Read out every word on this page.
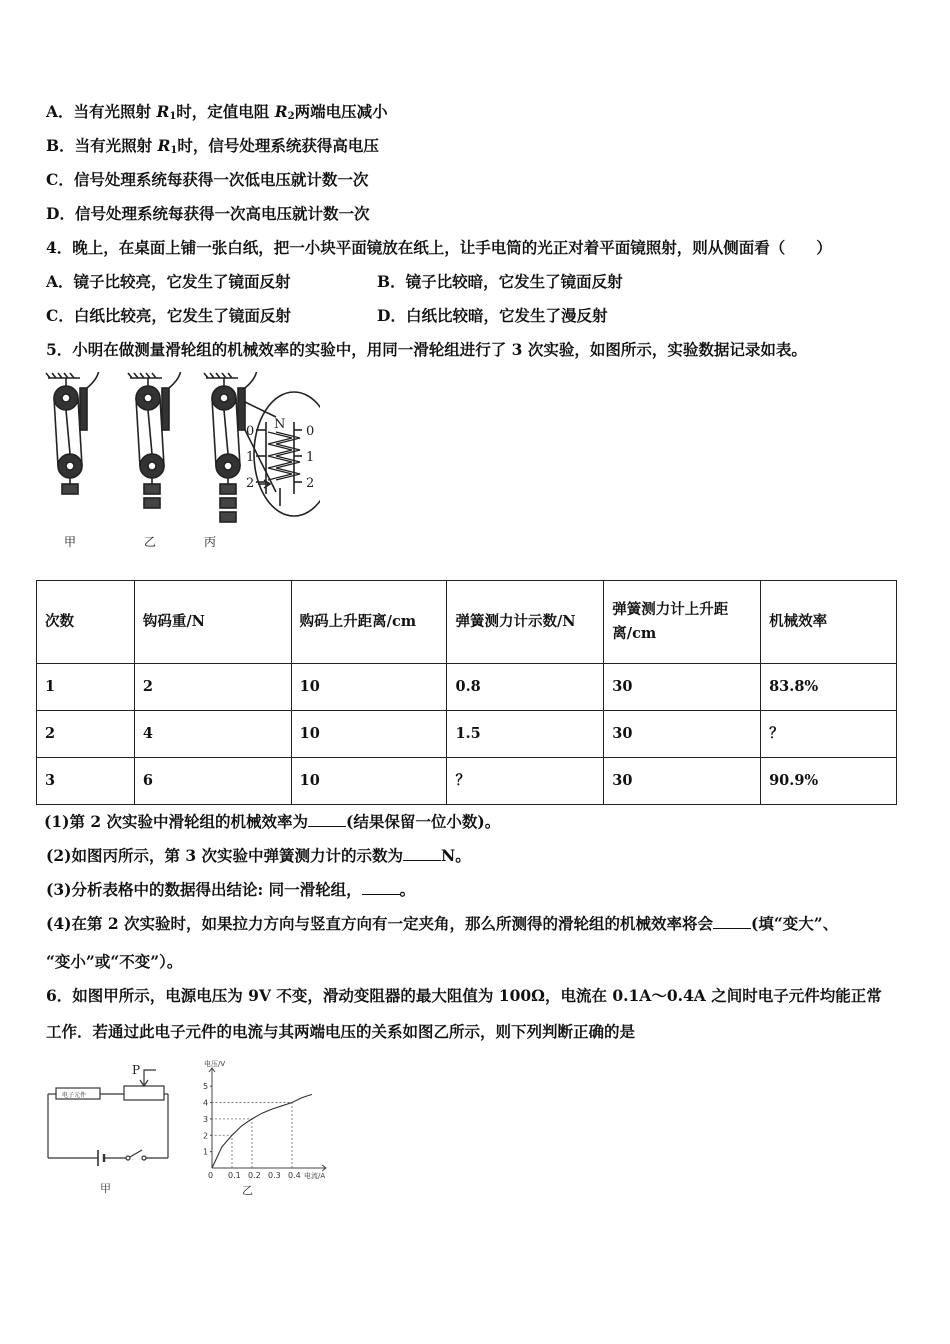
A．当有光照射 $R_1$时，定值电阻 $R_2$两端电压减小
B．当有光照射 $R_1$时，信号处理系统获得高电压
C．信号处理系统每获得一次低电压就计数一次
D．信号处理系统每获得一次高电压就计数一次
4．晚上，在桌面上铺一张白纸，把一小块平面镜放在纸上，让手电筒的光正对着平面镜照射，则从侧面看（　　）
A．镜子比较亮，它发生了镜面反射	B．镜子比较暗，它发生了镜面反射
C．白纸比较亮，它发生了镜面反射	D．白纸比较暗，它发生了漫反射
5．小明在做测量滑轮组的机械效率的实验中，用同一滑轮组进行了 3 次实验，如图所示，实验数据记录如表。
N
0
1
2
0
1
2
甲	乙	丙
次数	钩码重/N	购码上升距离/cm	弹簧测力计示数/N	弹簧测力计上升距离/cm	机械效率
1	2	10	0.8	30	83.8%
2	4	10	1.5	30	？
3	6	10	？	30	90.9%
(1)第 2 次实验中滑轮组的机械效率为 (结果保留一位小数)。
(2)如图丙所示，第 3 次实验中弹簧测力计的示数为 N。
(3)分析表格中的数据得出结论: 同一滑轮组， 。
(4)在第 2 次实验时，如果拉力方向与竖直方向有一定夹角，那么所测得的滑轮组的机械效率将会 (填“变大”、
“变小”或“不变”）。
6．如图甲所示，电源电压为 9V 不变，滑动变阻器的最大阻值为 100Ω，电流在 0.1A～0.4A 之间时电子元件均能正常
工作．若通过此电子元件的电流与其两端电压的关系如图乙所示，则下列判断正确的是
电子元件
P
甲
0 0.1 0.2 0.3 0.4
1
2
3
4
5
电压/V
电流/A
乙
